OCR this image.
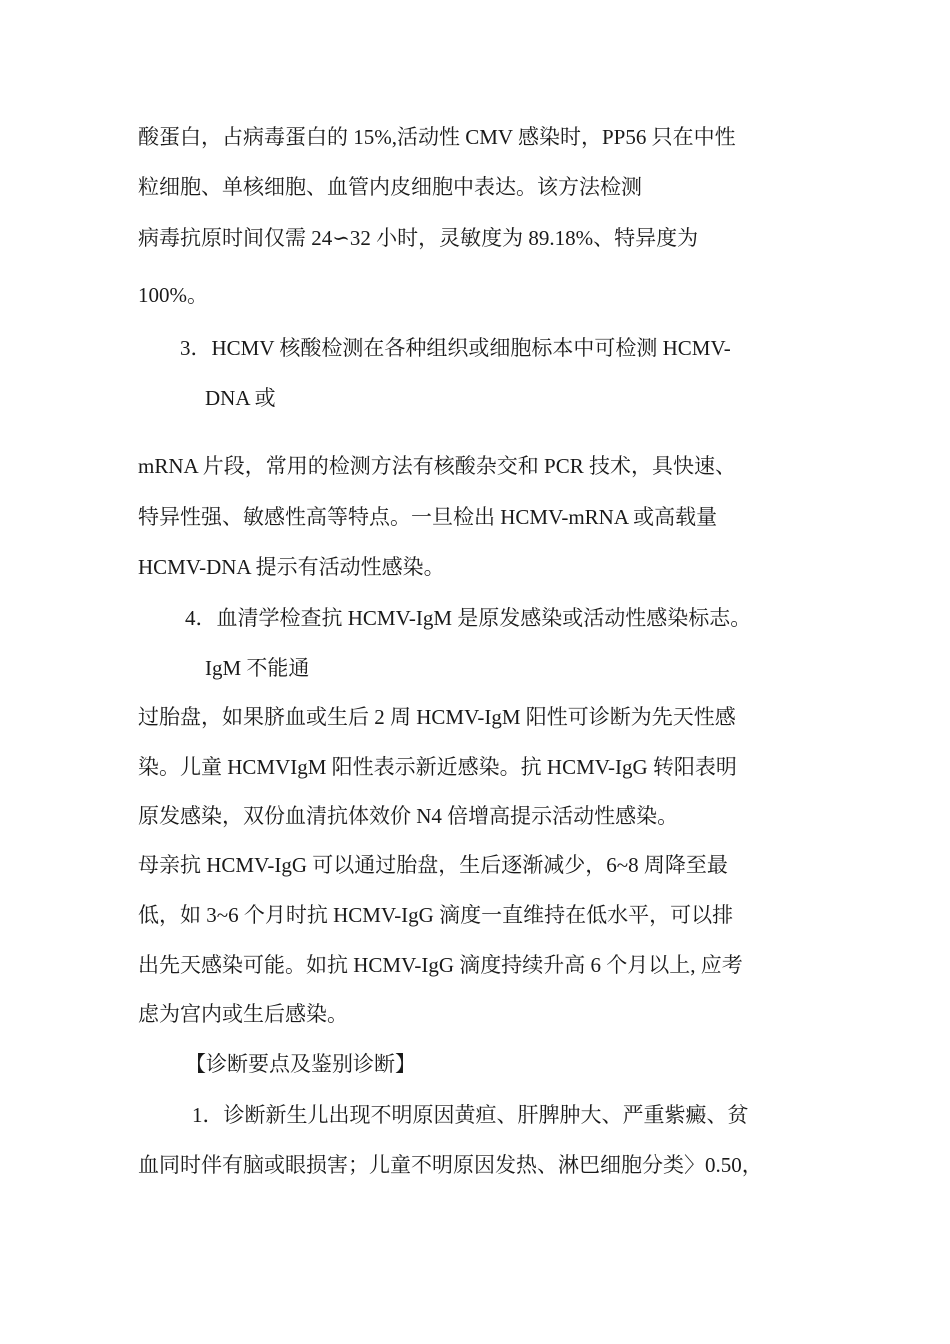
酸蛋白，占病毒蛋白的 15%,活动性 CMV 感染时，PP56 只在中性
粒细胞、单核细胞、血管内皮细胞中表达。该方法检测
病毒抗原时间仅需 24∽32 小时，灵敏度为 89.18%、特异度为
100%。
3．HCMV 核酸检测在各种组织或细胞标本中可检测 HCMV-
DNA 或
mRNA 片段，常用的检测方法有核酸杂交和 PCR 技术，具快速、
特异性强、敏感性高等特点。一旦检出 HCMV-mRNA 或高载量
HCMV-DNA 提示有活动性感染。
4．血清学检查抗 HCMV-IgM 是原发感染或活动性感染标志。
IgM 不能通
过胎盘，如果脐血或生后 2 周 HCMV-IgM 阳性可诊断为先天性感
染。儿童 HCMVIgM 阳性表示新近感染。抗 HCMV-IgG 转阳表明
原发感染，双份血清抗体效价 N4 倍增高提示活动性感染。
母亲抗 HCMV-IgG 可以通过胎盘，生后逐渐减少，6~8 周降至最
低，如 3~6 个月时抗 HCMV-IgG 滴度一直维持在低水平，可以排
出先天感染可能。如抗 HCMV-IgG 滴度持续升高 6 个月以上, 应考
虑为宫内或生后感染。
【诊断要点及鉴别诊断】
1．诊断新生儿出现不明原因黄疸、肝脾肿大、严重紫癜、贫
血同时伴有脑或眼损害；儿童不明原因发热、淋巴细胞分类〉0.50，
